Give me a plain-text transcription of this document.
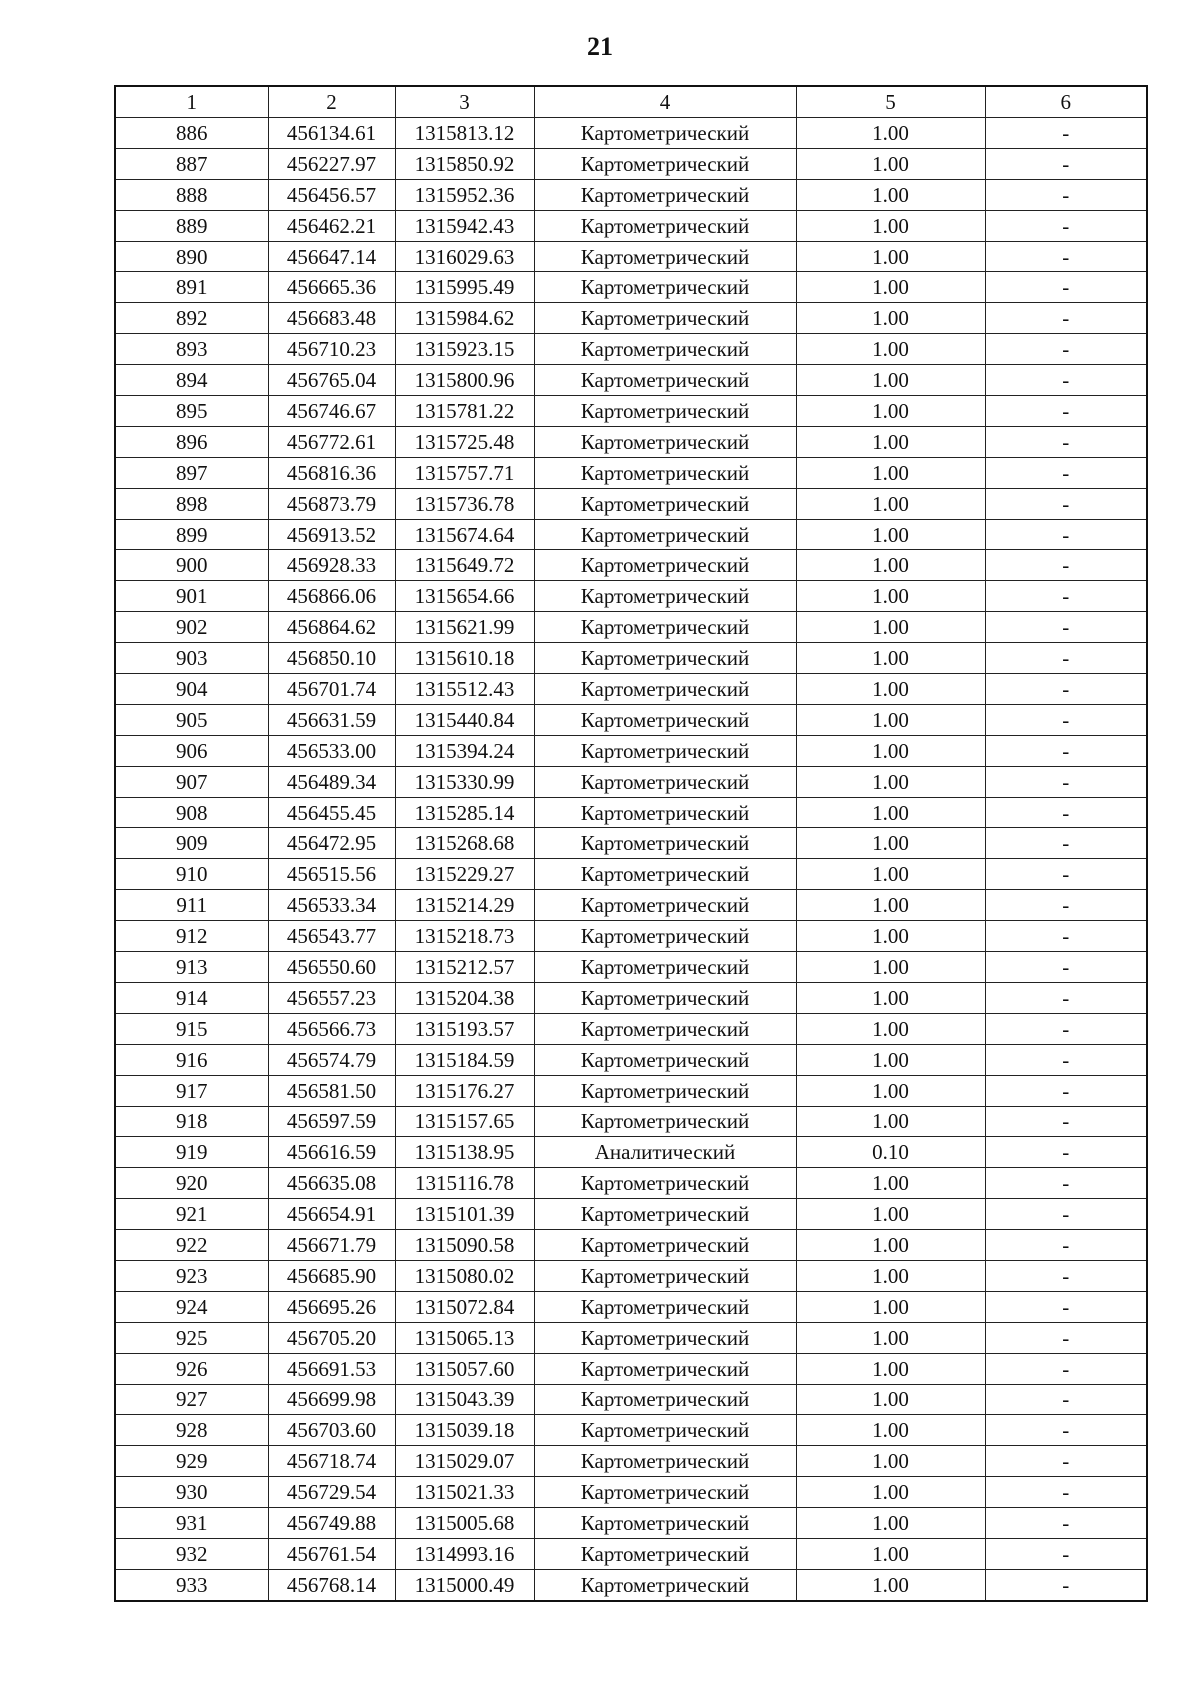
21
1	2	3	4	5	6
886	456134.61	1315813.12	Картометрический	1.00	-
887	456227.97	1315850.92	Картометрический	1.00	-
888	456456.57	1315952.36	Картометрический	1.00	-
889	456462.21	1315942.43	Картометрический	1.00	-
890	456647.14	1316029.63	Картометрический	1.00	-
891	456665.36	1315995.49	Картометрический	1.00	-
892	456683.48	1315984.62	Картометрический	1.00	-
893	456710.23	1315923.15	Картометрический	1.00	-
894	456765.04	1315800.96	Картометрический	1.00	-
895	456746.67	1315781.22	Картометрический	1.00	-
896	456772.61	1315725.48	Картометрический	1.00	-
897	456816.36	1315757.71	Картометрический	1.00	-
898	456873.79	1315736.78	Картометрический	1.00	-
899	456913.52	1315674.64	Картометрический	1.00	-
900	456928.33	1315649.72	Картометрический	1.00	-
901	456866.06	1315654.66	Картометрический	1.00	-
902	456864.62	1315621.99	Картометрический	1.00	-
903	456850.10	1315610.18	Картометрический	1.00	-
904	456701.74	1315512.43	Картометрический	1.00	-
905	456631.59	1315440.84	Картометрический	1.00	-
906	456533.00	1315394.24	Картометрический	1.00	-
907	456489.34	1315330.99	Картометрический	1.00	-
908	456455.45	1315285.14	Картометрический	1.00	-
909	456472.95	1315268.68	Картометрический	1.00	-
910	456515.56	1315229.27	Картометрический	1.00	-
911	456533.34	1315214.29	Картометрический	1.00	-
912	456543.77	1315218.73	Картометрический	1.00	-
913	456550.60	1315212.57	Картометрический	1.00	-
914	456557.23	1315204.38	Картометрический	1.00	-
915	456566.73	1315193.57	Картометрический	1.00	-
916	456574.79	1315184.59	Картометрический	1.00	-
917	456581.50	1315176.27	Картометрический	1.00	-
918	456597.59	1315157.65	Картометрический	1.00	-
919	456616.59	1315138.95	Аналитический	0.10	-
920	456635.08	1315116.78	Картометрический	1.00	-
921	456654.91	1315101.39	Картометрический	1.00	-
922	456671.79	1315090.58	Картометрический	1.00	-
923	456685.90	1315080.02	Картометрический	1.00	-
924	456695.26	1315072.84	Картометрический	1.00	-
925	456705.20	1315065.13	Картометрический	1.00	-
926	456691.53	1315057.60	Картометрический	1.00	-
927	456699.98	1315043.39	Картометрический	1.00	-
928	456703.60	1315039.18	Картометрический	1.00	-
929	456718.74	1315029.07	Картометрический	1.00	-
930	456729.54	1315021.33	Картометрический	1.00	-
931	456749.88	1315005.68	Картометрический	1.00	-
932	456761.54	1314993.16	Картометрический	1.00	-
933	456768.14	1315000.49	Картометрический	1.00	-
